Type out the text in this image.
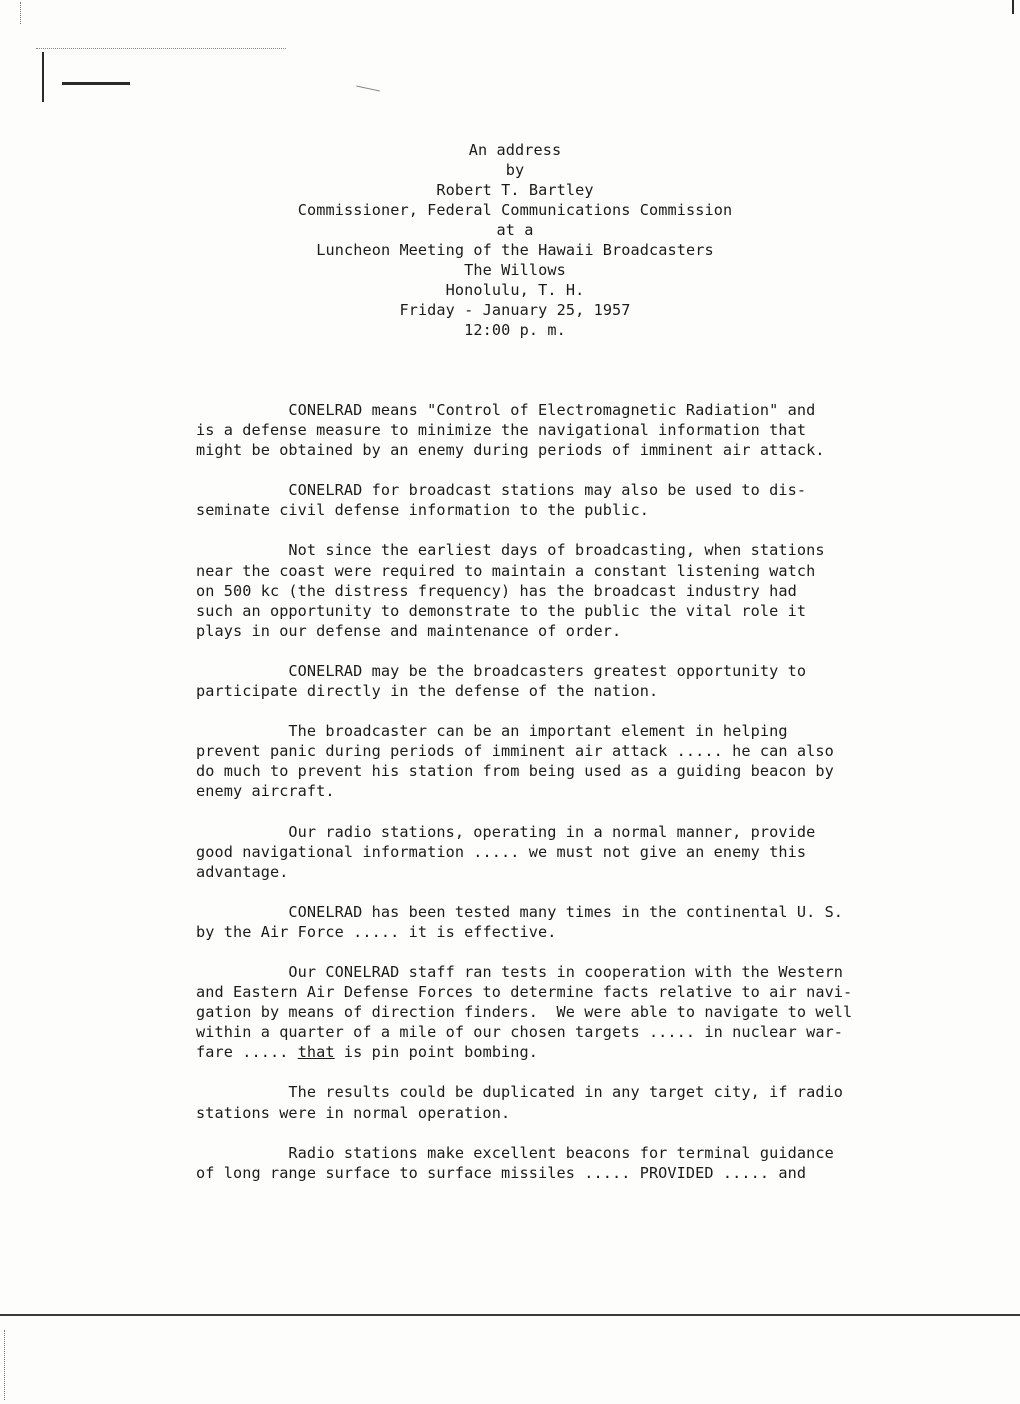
An address
by
Robert T. Bartley
Commissioner, Federal Communications Commission
at a
Luncheon Meeting of the Hawaii Broadcasters
The Willows
Honolulu, T. H.
Friday - January 25, 1957
12:00 p. m.
CONELRAD means "Control of Electromagnetic Radiation" and
is a defense measure to minimize the navigational information that
might be obtained by an enemy during periods of imminent air attack.
CONELRAD for broadcast stations may also be used to dis-
seminate civil defense information to the public.
Not since the earliest days of broadcasting, when stations
near the coast were required to maintain a constant listening watch
on 500 kc (the distress frequency) has the broadcast industry had
such an opportunity to demonstrate to the public the vital role it
plays in our defense and maintenance of order.
CONELRAD may be the broadcasters greatest opportunity to
participate directly in the defense of the nation.
The broadcaster can be an important element in helping
prevent panic during periods of imminent air attack ..... he can also
do much to prevent his station from being used as a guiding beacon by
enemy aircraft.
Our radio stations, operating in a normal manner, provide
good navigational information ..... we must not give an enemy this
advantage.
CONELRAD has been tested many times in the continental U. S.
by the Air Force ..... it is effective.
Our CONELRAD staff ran tests in cooperation with the Western
and Eastern Air Defense Forces to determine facts relative to air navi-
gation by means of direction finders.  We were able to navigate to well
within a quarter of a mile of our chosen targets ..... in nuclear war-
fare ..... that is pin point bombing.
The results could be duplicated in any target city, if radio
stations were in normal operation.
Radio stations make excellent beacons for terminal guidance
of long range surface to surface missiles ..... PROVIDED ..... and
